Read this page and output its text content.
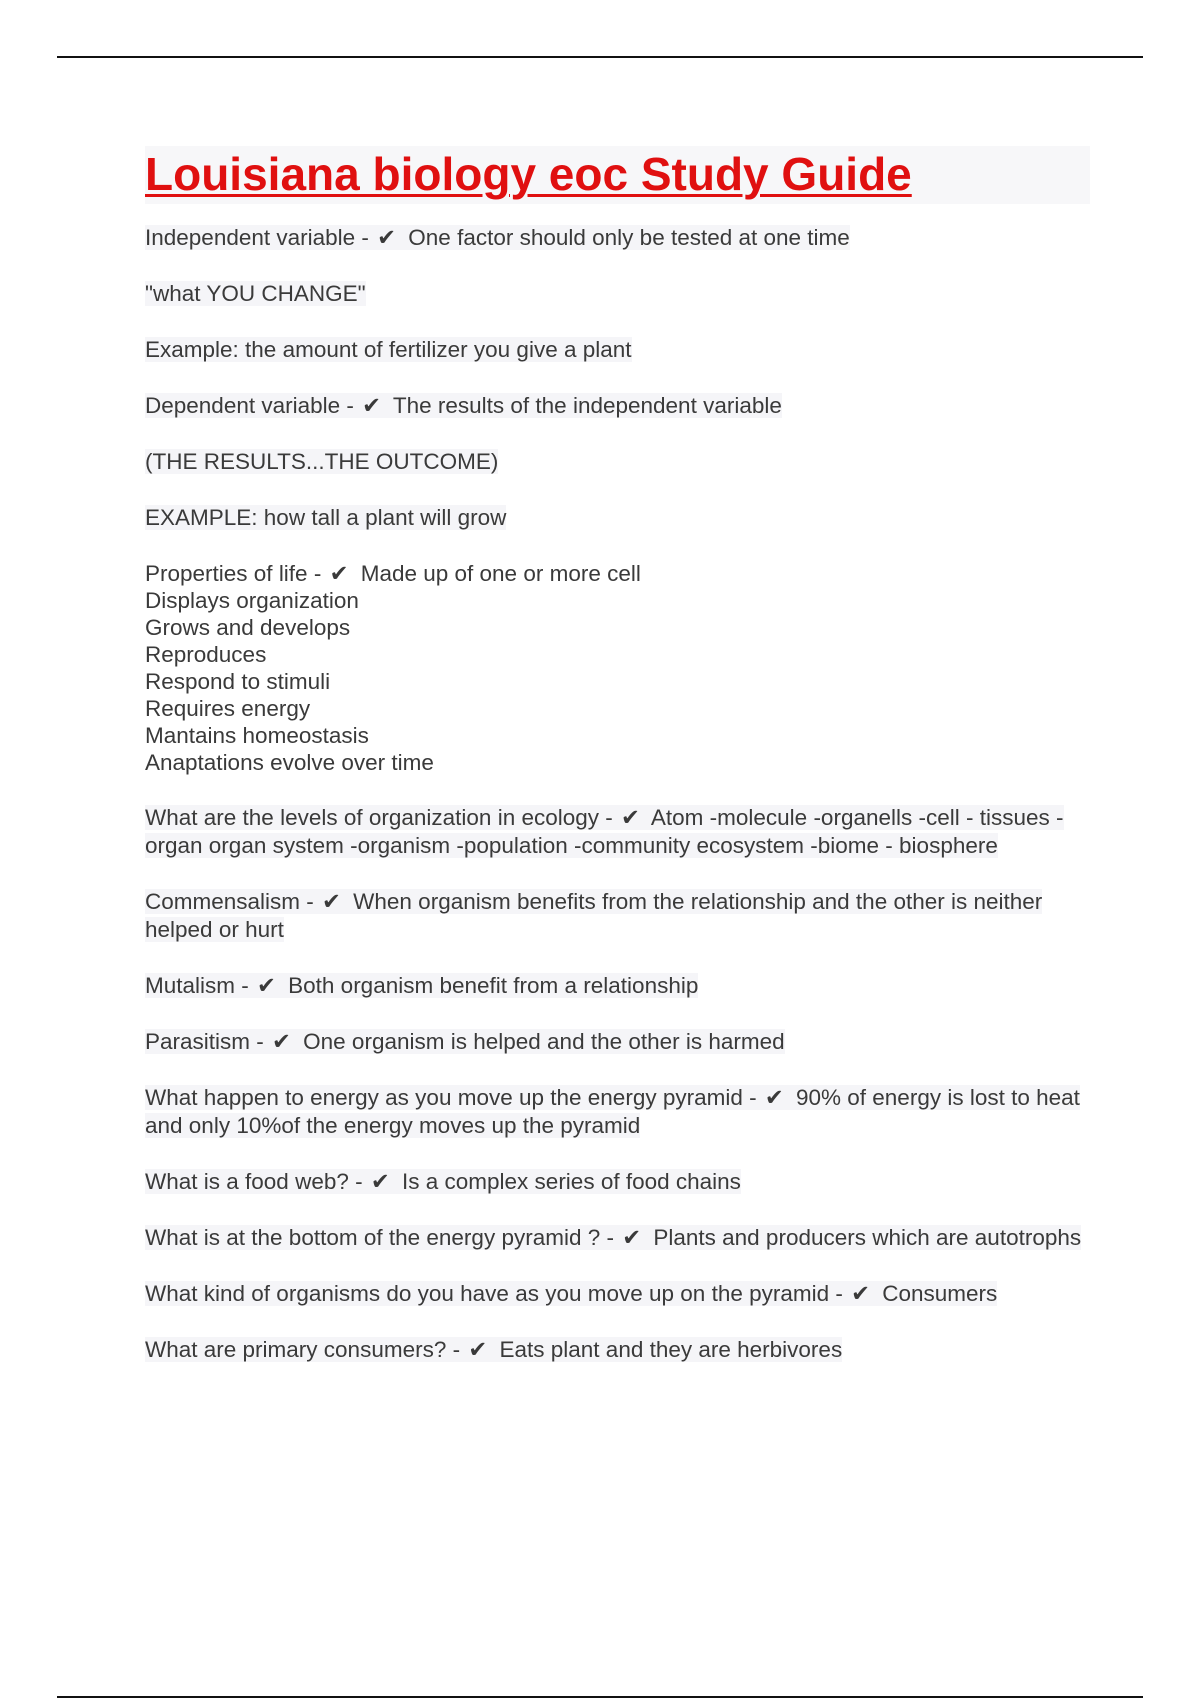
Louisiana biology eoc Study Guide

Independent variable - ✔ One factor should only be tested at one time

"what YOU CHANGE"

Example: the amount of fertilizer you give a plant

Dependent variable - ✔ The results of the independent variable

(THE RESULTS...THE OUTCOME)

EXAMPLE: how tall a plant will grow

Properties of life - ✔ Made up of one or more cell
Displays organization
Grows and develops
Reproduces
Respond to stimuli
Requires energy
Mantains homeostasis
Anaptations evolve over time

What are the levels of organization in ecology - ✔ Atom -molecule -organells -cell - tissues -organ organ system -organism -population -community ecosystem -biome - biosphere

Commensalism - ✔ When organism benefits from the relationship and the other is neither helped or hurt

Mutalism - ✔ Both organism benefit from a relationship

Parasitism - ✔ One organism is helped and the other is harmed

What happen to energy as you move up the energy pyramid - ✔ 90% of energy is lost to heat and only 10%of the energy moves up the pyramid

What is a food web? - ✔ Is a complex series of food chains

What is at the bottom of the energy pyramid ? - ✔ Plants and producers which are autotrophs

What kind of organisms do you have as you move up on the pyramid - ✔ Consumers

What are primary consumers? - ✔ Eats plant and they are herbivores
